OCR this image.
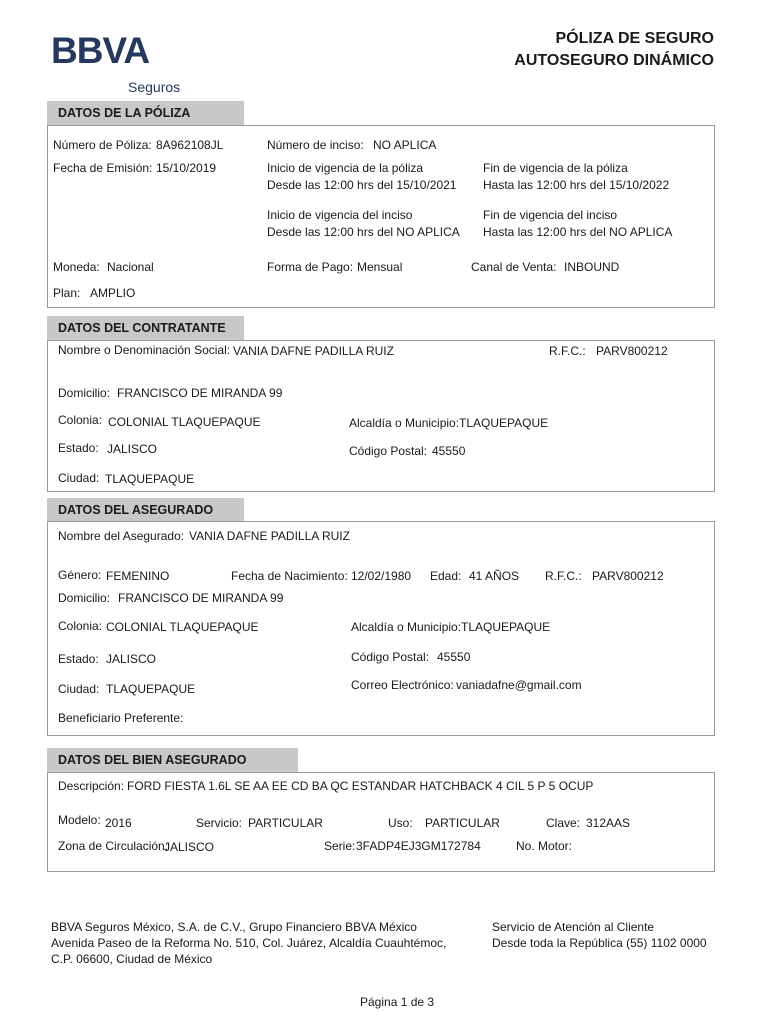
BBVA
Seguros
PÓLIZA DE SEGURO
AUTOSEGURO DINÁMICO
DATOS DE LA PÓLIZA
Número de Póliza: 8A962108JL	Número de inciso: NO APLICA
Fecha de Emisión: 15/10/2019	Inicio de vigencia de la póliza
Desde las 12:00 hrs del 15/10/2021
Fin de vigencia de la póliza
Hasta las 12:00 hrs del 15/10/2022
Inicio de vigencia del inciso
Desde las 12:00 hrs del NO APLICA
Fin de vigencia del inciso
Hasta las 12:00 hrs del NO APLICA
Moneda: Nacional	Forma de Pago: Mensual	Canal de Venta: INBOUND
Plan: AMPLIO
DATOS DEL CONTRATANTE
Nombre o Denominación Social: VANIA DAFNE PADILLA RUIZ	R.F.C.: PARV800212
Domicilio: FRANCISCO DE MIRANDA 99
Colonia: COLONIAL TLAQUEPAQUE	Alcaldía o Municipio: TLAQUEPAQUE
Estado: JALISCO	Código Postal: 45550
Ciudad: TLAQUEPAQUE
DATOS DEL ASEGURADO
Nombre del Asegurado: VANIA DAFNE PADILLA RUIZ
Género: FEMENINO	Fecha de Nacimiento: 12/02/1980 Edad: 41 AÑOS R.F.C.: PARV800212
Domicilio: FRANCISCO DE MIRANDA 99
Colonia: COLONIAL TLAQUEPAQUE	Alcaldía o Municipio: TLAQUEPAQUE
Estado: JALISCO	Código Postal: 45550
Ciudad: TLAQUEPAQUE	Correo Electrónico: vaniadafne@gmail.com
Beneficiario Preferente:
DATOS DEL BIEN ASEGURADO
Descripción: FORD FIESTA 1.6L SE AA EE CD BA QC ESTANDAR HATCHBACK 4 CIL 5 P 5 OCUP
Modelo: 2016	Servicio: PARTICULAR	Uso: PARTICULAR	Clave: 312AAS
Zona de Circulación:
JALISCO	Serie: 3FADP4EJ3GM172784	No. Motor:
BBVA Seguros México, S.A. de C.V., Grupo Financiero BBVA México
Avenida Paseo de la Reforma No. 510, Col. Juárez, Alcaldía Cuauhtémoc,
C.P. 06600, Ciudad de México
Servicio de Atención al Cliente
Desde toda la República (55) 1102 0000
Página 1 de 3
